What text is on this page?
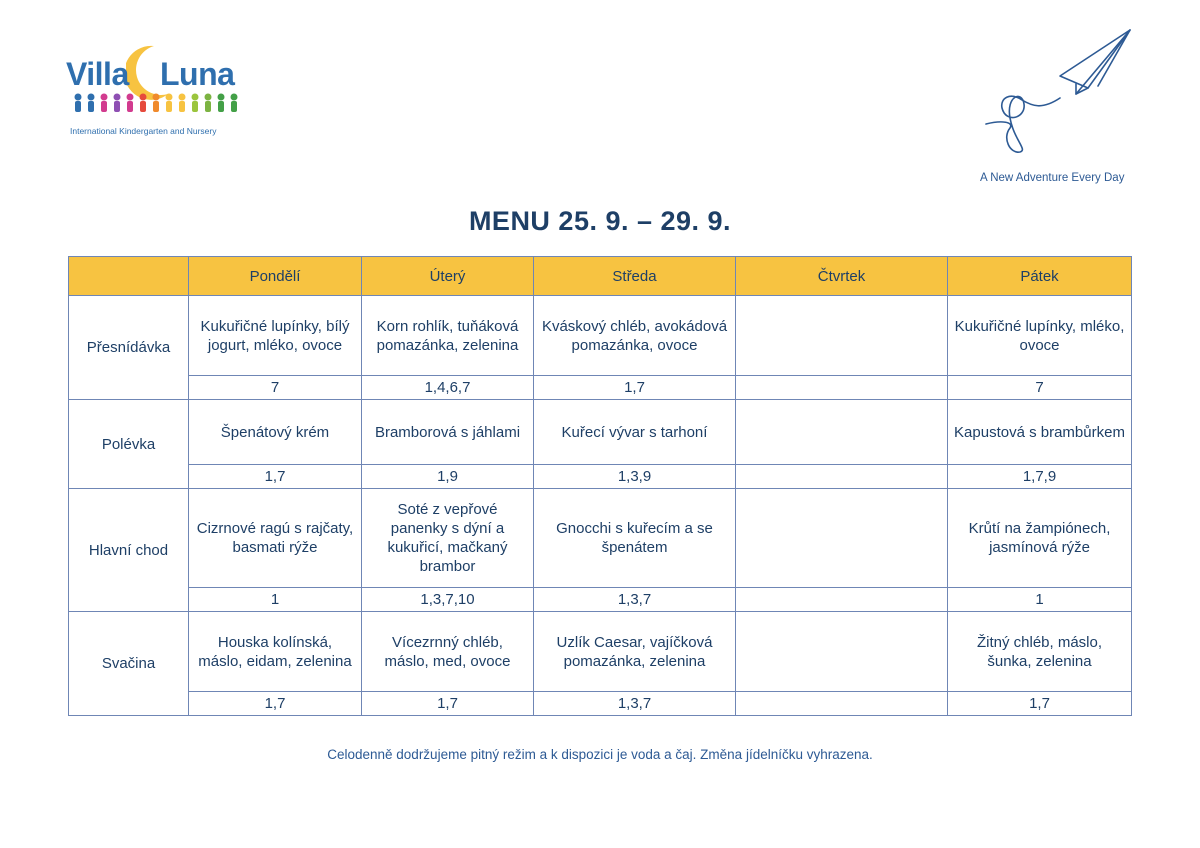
Villa Luna
International Kindergarten and Nursery
A New Adventure Every Day
MENU 25. 9. – 29. 9.
	Pondělí	Úterý	Středa	Čtvrtek	Pátek
Přesnídávka	Kukuřičné lupínky, bílý jogurt, mléko, ovoce	Korn rohlík, tuňáková pomazánka, zelenina	Kváskový chléb, avokádová pomazánka, ovoce		Kukuřičné lupínky, mléko, ovoce
	7	1,4,6,7	1,7		7
Polévka	Špenátový krém	Bramborová s jáhlami	Kuřecí vývar s tarhoní		Kapustová s brambůrkem
	1,7	1,9	1,3,9		1,7,9
Hlavní chod	Cizrnové ragú s rajčaty, basmati rýže	Soté z vepřové panenky s dýní a kukuřicí, mačkaný brambor	Gnocchi s kuřecím a se špenátem		Krůtí na žampiónech, jasmínová rýže
	1	1,3,7,10	1,3,7		1
Svačina	Houska kolínská, máslo, eidam, zelenina	Vícezrnný chléb, máslo, med, ovoce	Uzlík Caesar, vajíčková pomazánka, zelenina		Žitný chléb, máslo, šunka, zelenina
	1,7	1,7	1,3,7		1,7
Celodenně dodržujeme pitný režim a k dispozici je voda a čaj. Změna jídelníčku vyhrazena.
